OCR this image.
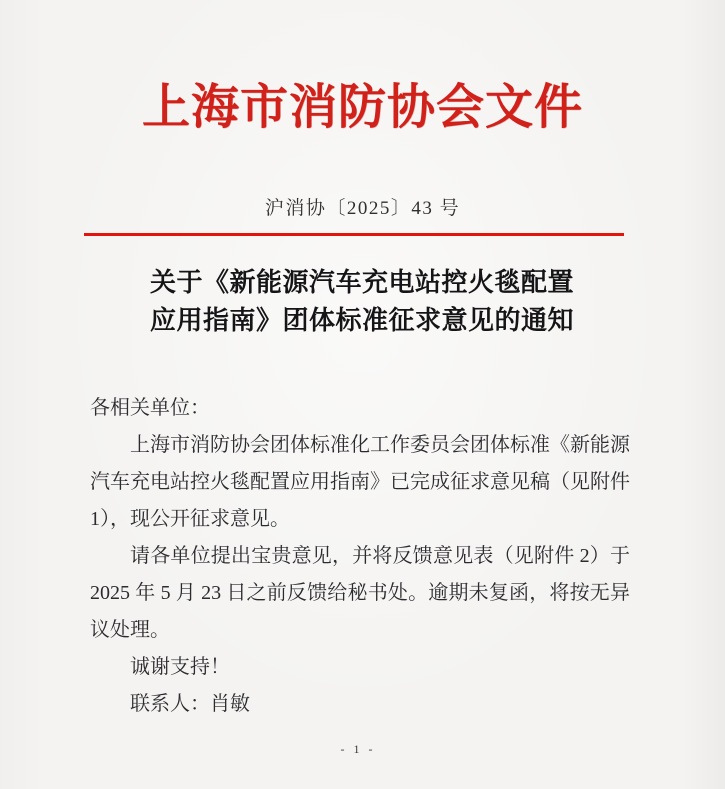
上海市消防协会文件
沪消协〔2025〕43 号
关于《新能源汽车充电站控火毯配置
应用指南》团体标准征求意见的通知
各相关单位：
上海市消防协会团体标准化工作委员会团体标准《新能源
汽车充电站控火毯配置应用指南》已完成征求意见稿（见附件
1），现公开征求意见。
请各单位提出宝贵意见，并将反馈意见表（见附件 2）于
2025 年 5 月 23 日之前反馈给秘书处。逾期未复函，将按无异
议处理。
诚谢支持！
联系人：肖敏
- 1 -
